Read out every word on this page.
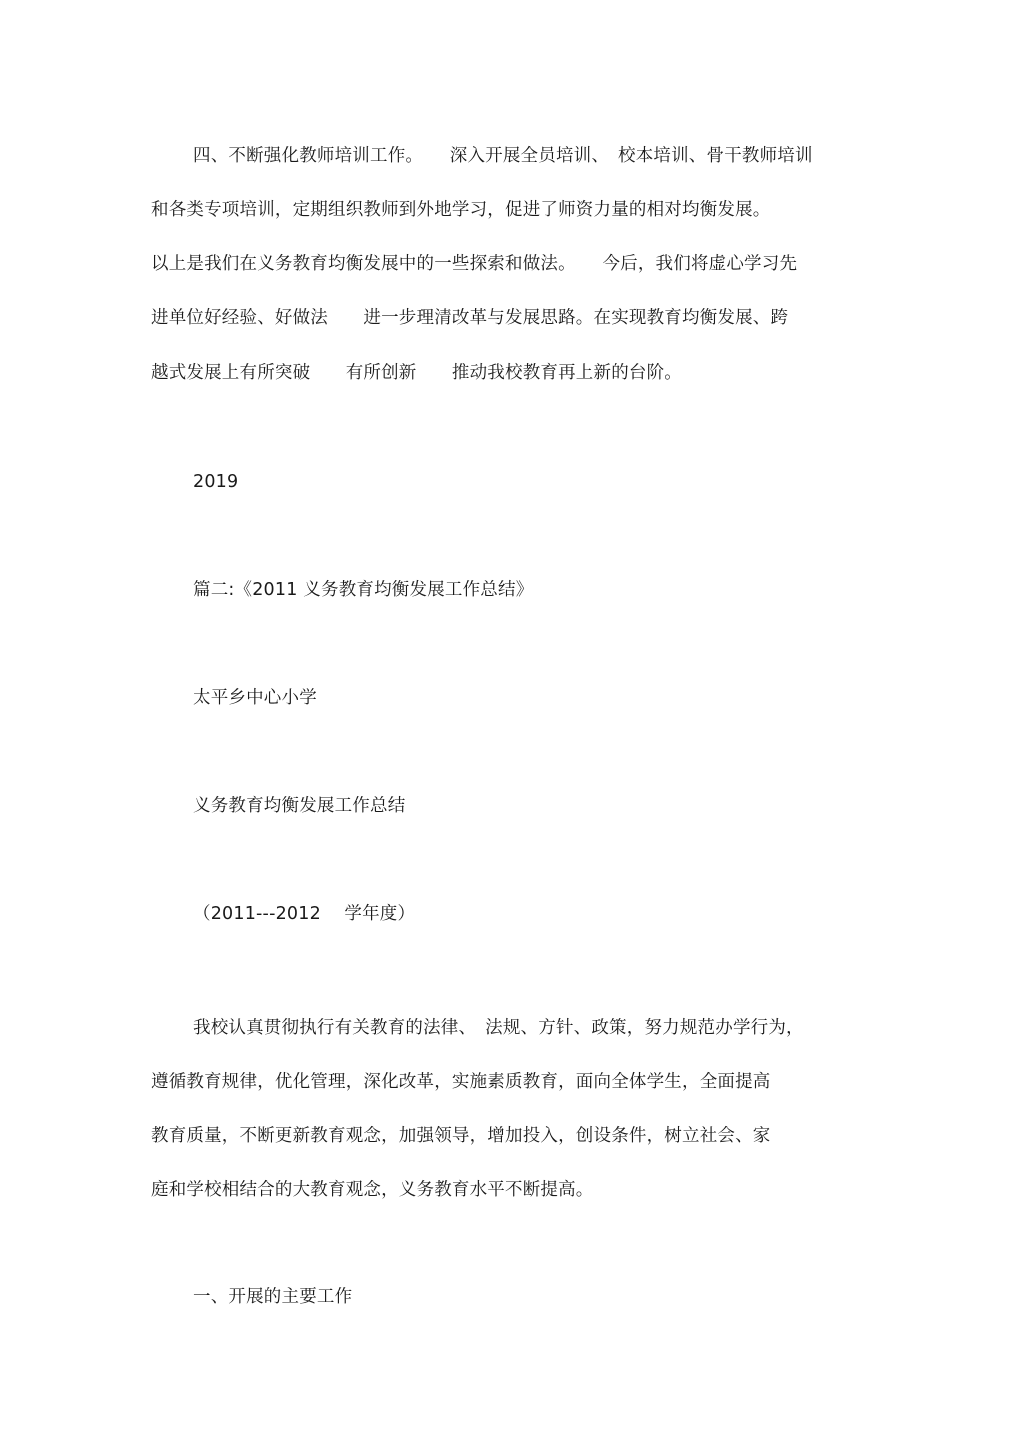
四、不断强化教师培训工作。　　深入开展全员培训、　校本培训、骨干教师培训
和各类专项培训，定期组织教师到外地学习，促进了师资力量的相对均衡发展。
以上是我们在义务教育均衡发展中的一些探索和做法。　　今后，我们将虚心学习先
进单位好经验、好做法　　进一步理清改革与发展思路。在实现教育均衡发展、跨
越式发展上有所突破　　有所创新　　推动我校教育再上新的台阶。
2019
篇二:《2011 义务教育均衡发展工作总结》
太平乡中心小学
义务教育均衡发展工作总结
（2011---2012　 学年度）
我校认真贯彻执行有关教育的法律、　法规、方针、政策，努力规范办学行为，
遵循教育规律，优化管理，深化改革，实施素质教育，面向全体学生，全面提高
教育质量，不断更新教育观念，加强领导，增加投入，创设条件，树立社会、家
庭和学校相结合的大教育观念，义务教育水平不断提高。
一、开展的主要工作
